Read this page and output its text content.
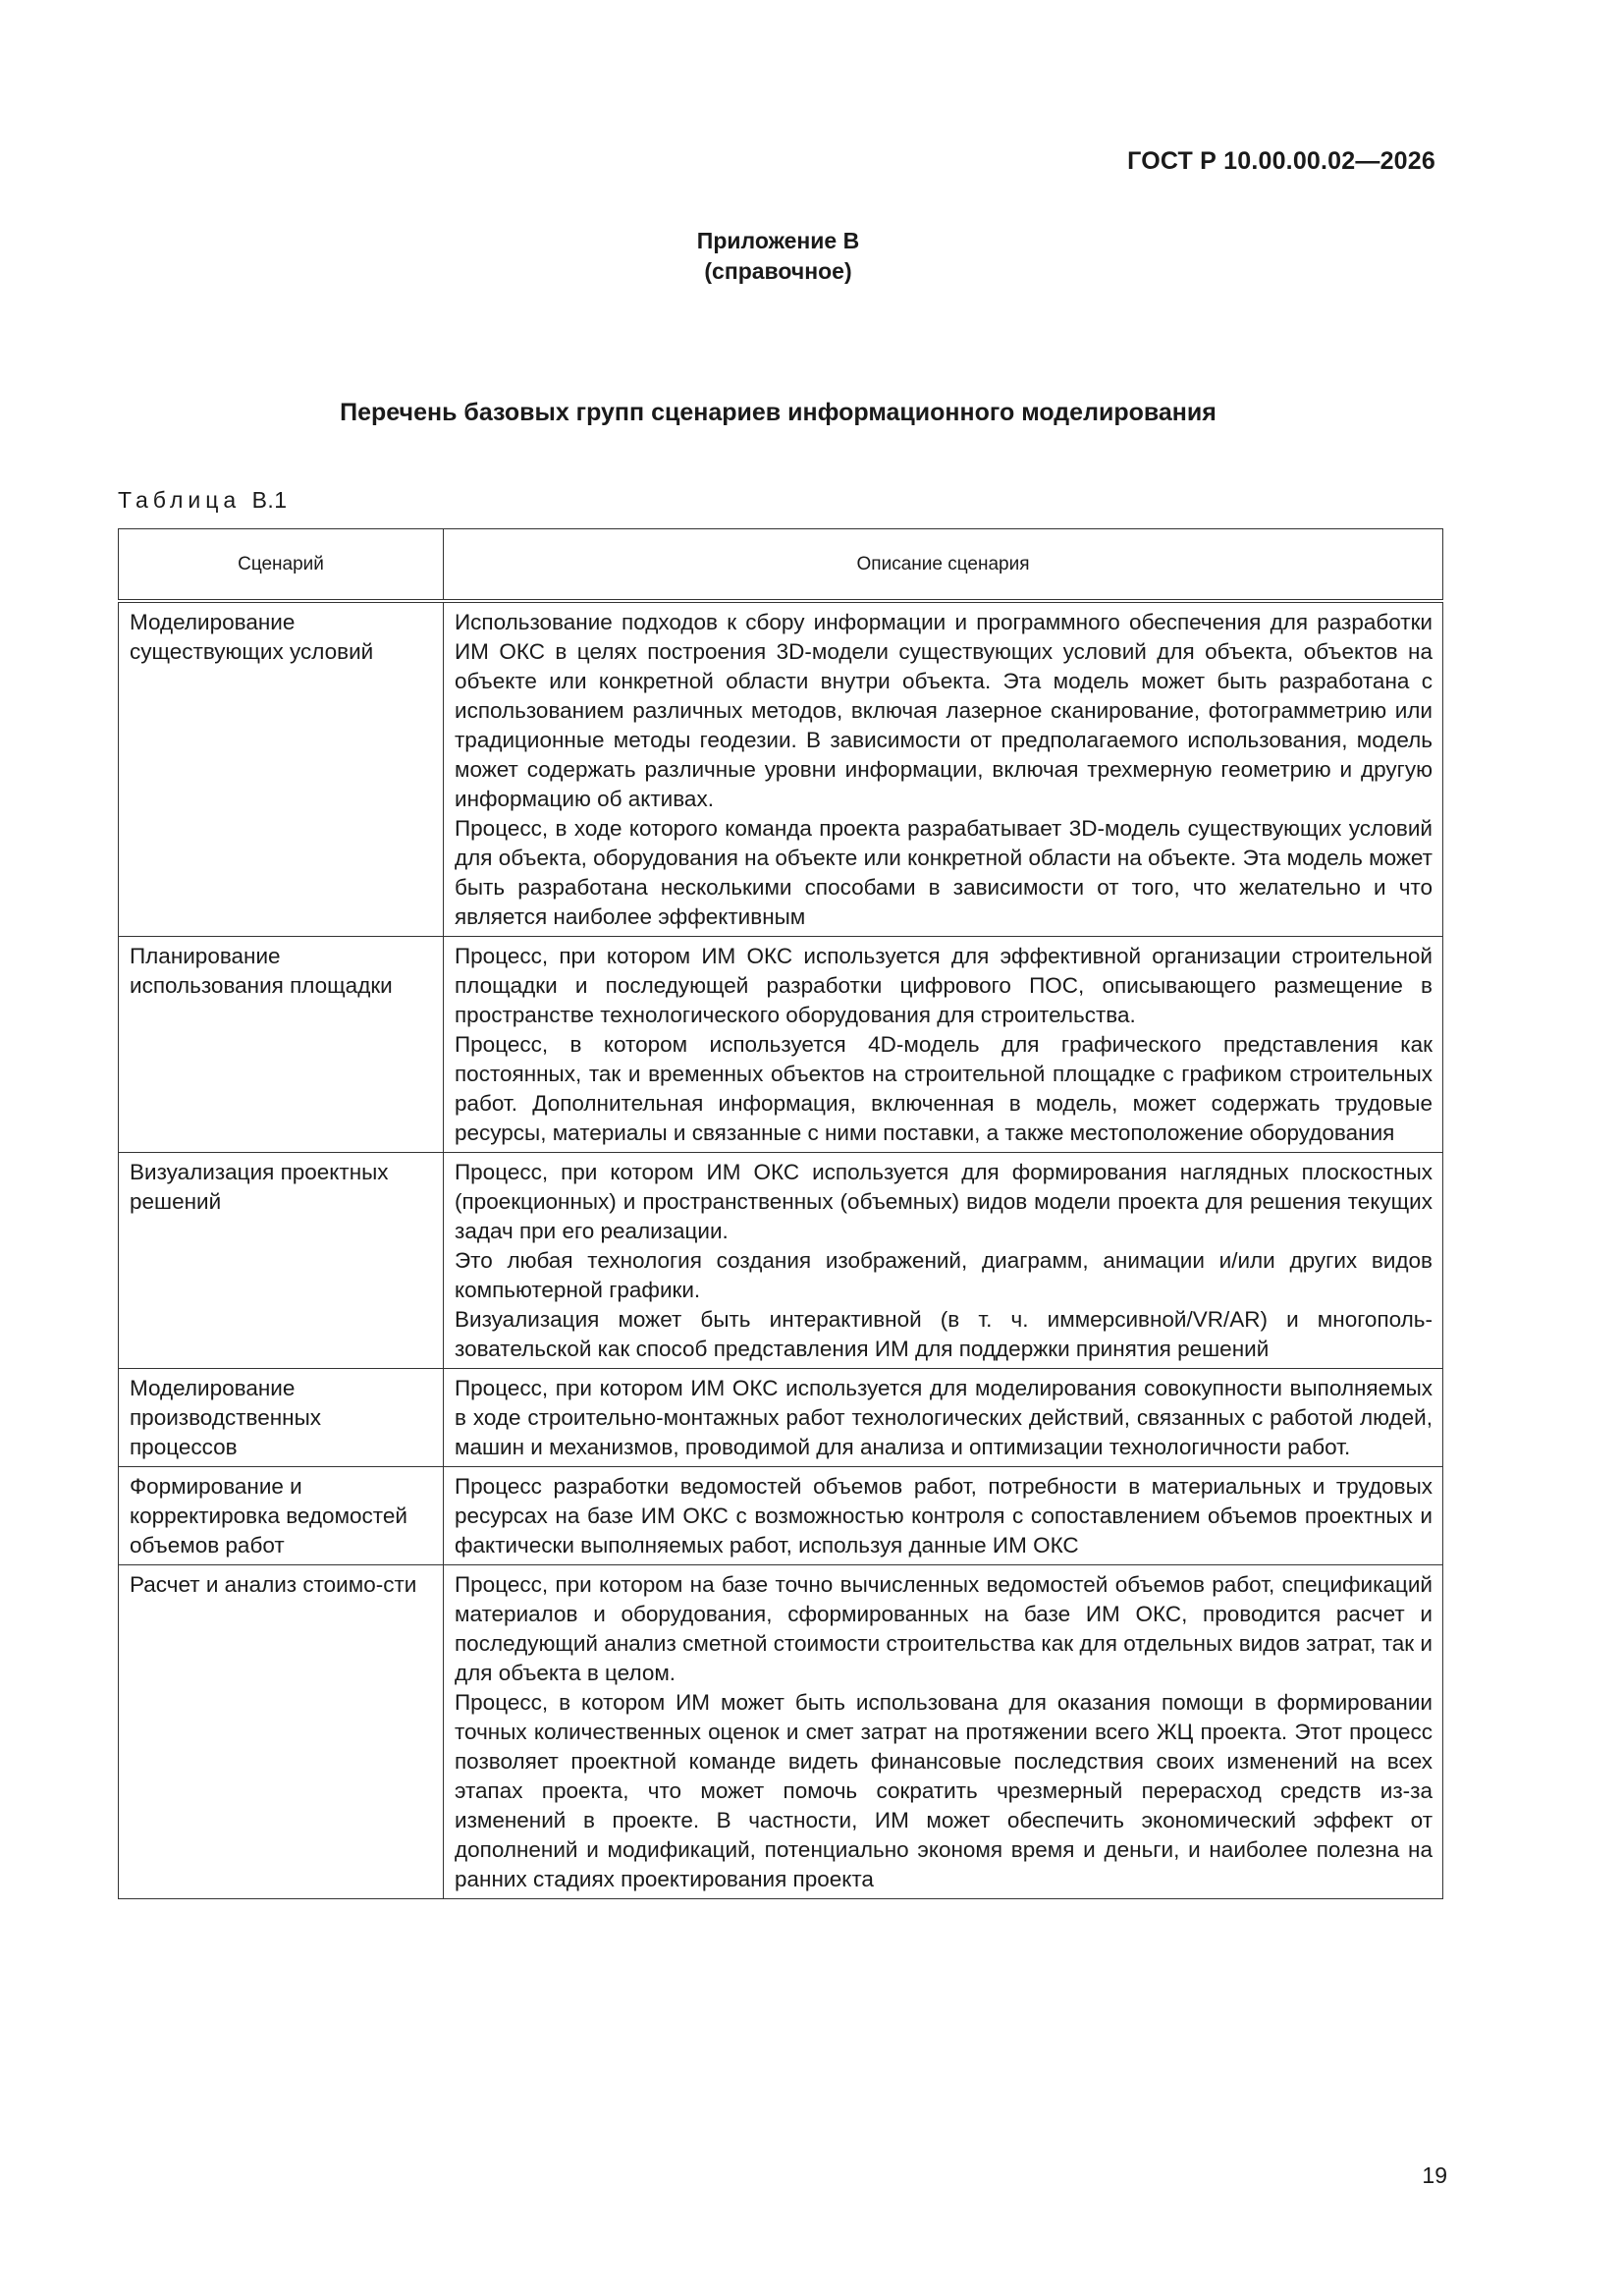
ГОСТ Р 10.00.00.02—2026
Приложение В
(справочное)
Перечень базовых групп сценариев информационного моделирования
Таблица В.1
Сценарий	Описание сценария
Моделирование существующих условий	Использование подходов к сбору информации и программного обеспечения для разработки ИМ ОКС в целях построения 3D-модели существующих условий для объекта, объектов на объекте или конкретной области внутри объекта. Эта модель может быть разработана с использованием различных методов, включая лазерное сканирование, фотограмметрию или традиционные методы геодезии. В зависимости от предполагаемого использования, модель может содержать различные уровни информации, включая трехмерную геометрию и другую информацию об активах.

Процесс, в ходе которого команда проекта разрабатывает 3D-модель существующих условий для объекта, оборудования на объекте или конкретной области на объекте. Эта модель может быть разработана несколькими способами в зависимости от того, что желательно и что является наиболее эффективным

Планирование использования площадки	Процесс, при котором ИМ ОКС используется для эффективной организации строительной площадки и последующей разработки цифрового ПОС, описывающего размещение в пространстве технологического оборудования для строительства.

Процесс, в котором используется 4D-модель для графического представления как постоянных, так и временных объектов на строительной площадке с графиком строительных работ. Дополнительная информация, включенная в модель, может содержать трудовые ресурсы, материалы и связанные с ними поставки, а также местоположение оборудования

Визуализация проектных решений	Процесс, при котором ИМ ОКС используется для формирования наглядных плоскостных (проекционных) и пространственных (объемных) видов модели проекта для решения текущих задач при его реализации.

Это любая технология создания изображений, диаграмм, анимации и/или других видов компьютерной графики.

Визуализация может быть интерактивной (в т. ч. иммерсивной/VR/AR) и многополь-зовательской как способ представления ИМ для поддержки принятия решений

Моделирование производственных процессов	Процесс, при котором ИМ ОКС используется для моделирования совокупности выполняемых в ходе строительно-монтажных работ технологических действий, связанных с работой людей, машин и механизмов, проводимой для анализа и оптимизации технологичности работ.

Формирование и корректировка ведомостей объемов работ	Процесс разработки ведомостей объемов работ, потребности в материальных и трудовых ресурсах на базе ИМ ОКС с возможностью контроля с сопоставлением объемов проектных и фактически выполняемых работ, используя данные ИМ ОКС

Расчет и анализ стоимо-сти	Процесс, при котором на базе точно вычисленных ведомостей объемов работ, спецификаций материалов и оборудования, сформированных на базе ИМ ОКС, проводится расчет и последующий анализ сметной стоимости строительства как для отдельных видов затрат, так и для объекта в целом.

Процесс, в котором ИМ может быть использована для оказания помощи в формировании точных количественных оценок и смет затрат на протяжении всего ЖЦ проекта. Этот процесс позволяет проектной команде видеть финансовые последствия своих изменений на всех этапах проекта, что может помочь сократить чрезмерный перерасход средств из-за изменений в проекте. В частности, ИМ может обеспечить экономический эффект от дополнений и модификаций, потенциально экономя время и деньги, и наиболее полезна на ранних стадиях проектирования проекта

19
